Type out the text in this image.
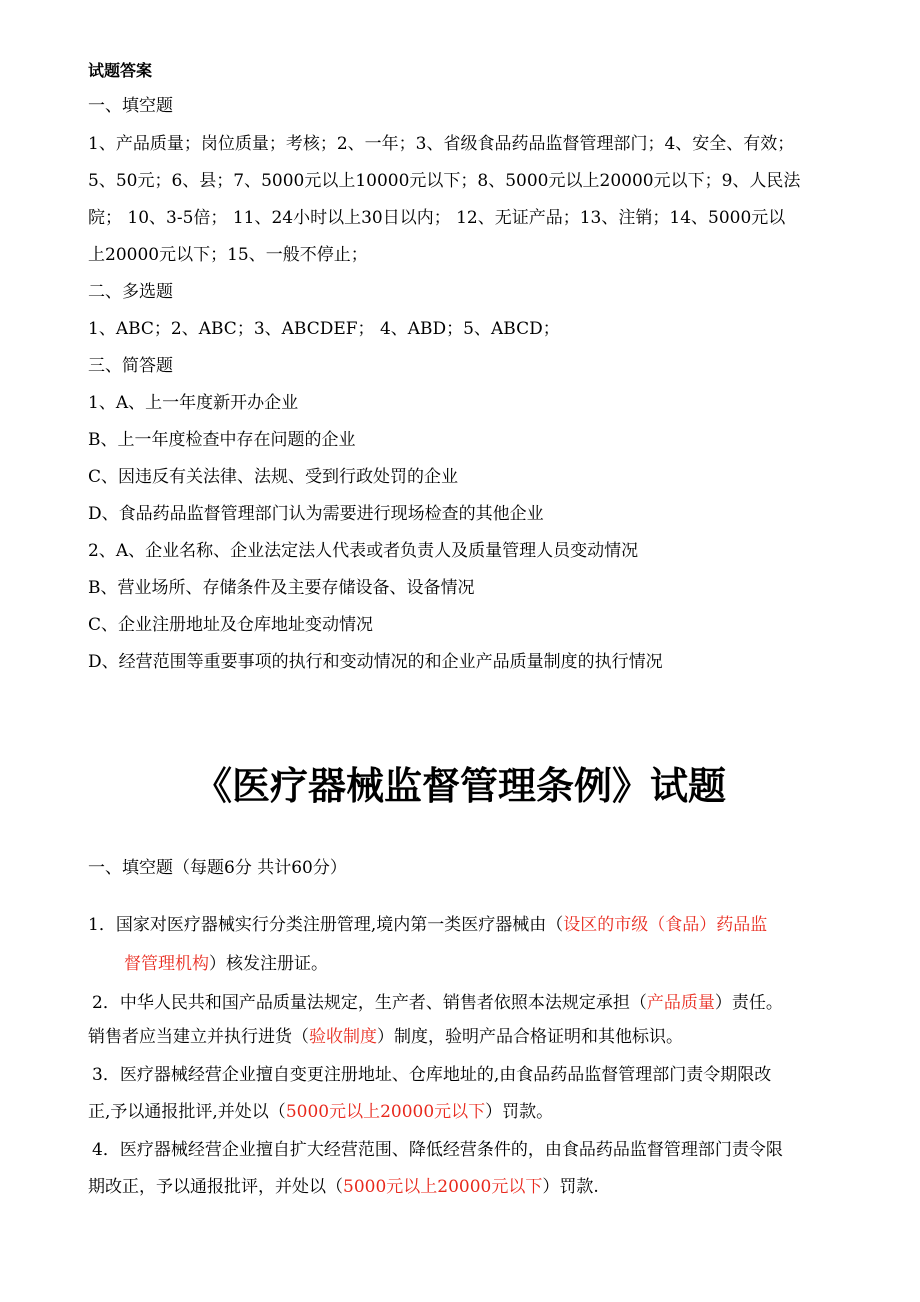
试题答案
一、填空题
1、产品质量；岗位质量；考核；2、一年；3、省级食品药品监督管理部门；4、安全、有效；
5、50元；6、县；7、5000元以上10000元以下；8、5000元以上20000元以下；9、人民法
院； 10、3-5倍； 11、24小时以上30日以内； 12、无证产品；13、注销；14、5000元以
上20000元以下；15、一般不停止；
二、多选题
1、ABC；2、ABC；3、ABCDEF； 4、ABD；5、ABCD；
三、简答题
1、A、上一年度新开办企业
B、上一年度检查中存在问题的企业
C、因违反有关法律、法规、受到行政处罚的企业
D、食品药品监督管理部门认为需要进行现场检查的其他企业
2、A、企业名称、企业法定法人代表或者负责人及质量管理人员变动情况
B、营业场所、存储条件及主要存储设备、设备情况
C、企业注册地址及仓库地址变动情况
D、经营范围等重要事项的执行和变动情况的和企业产品质量制度的执行情况
《医疗器械监督管理条例》试题
一、填空题（每题6分 共计60分）
1．国家对医疗器械实行分类注册管理,境内第一类医疗器械由（设区的市级（食品）药品监
督管理机构）核发注册证。
2．中华人民共和国产品质量法规定，生产者、销售者依照本法规定承担（产品质量）责任。
销售者应当建立并执行进货（验收制度）制度，验明产品合格证明和其他标识。
3．医疗器械经营企业擅自变更注册地址、仓库地址的,由食品药品监督管理部门责令期限改
正,予以通报批评,并处以（5000元以上20000元以下）罚款。
4．医疗器械经营企业擅自扩大经营范围、降低经营条件的，由食品药品监督管理部门责令限
期改正，予以通报批评，并处以（5000元以上20000元以下）罚款.
